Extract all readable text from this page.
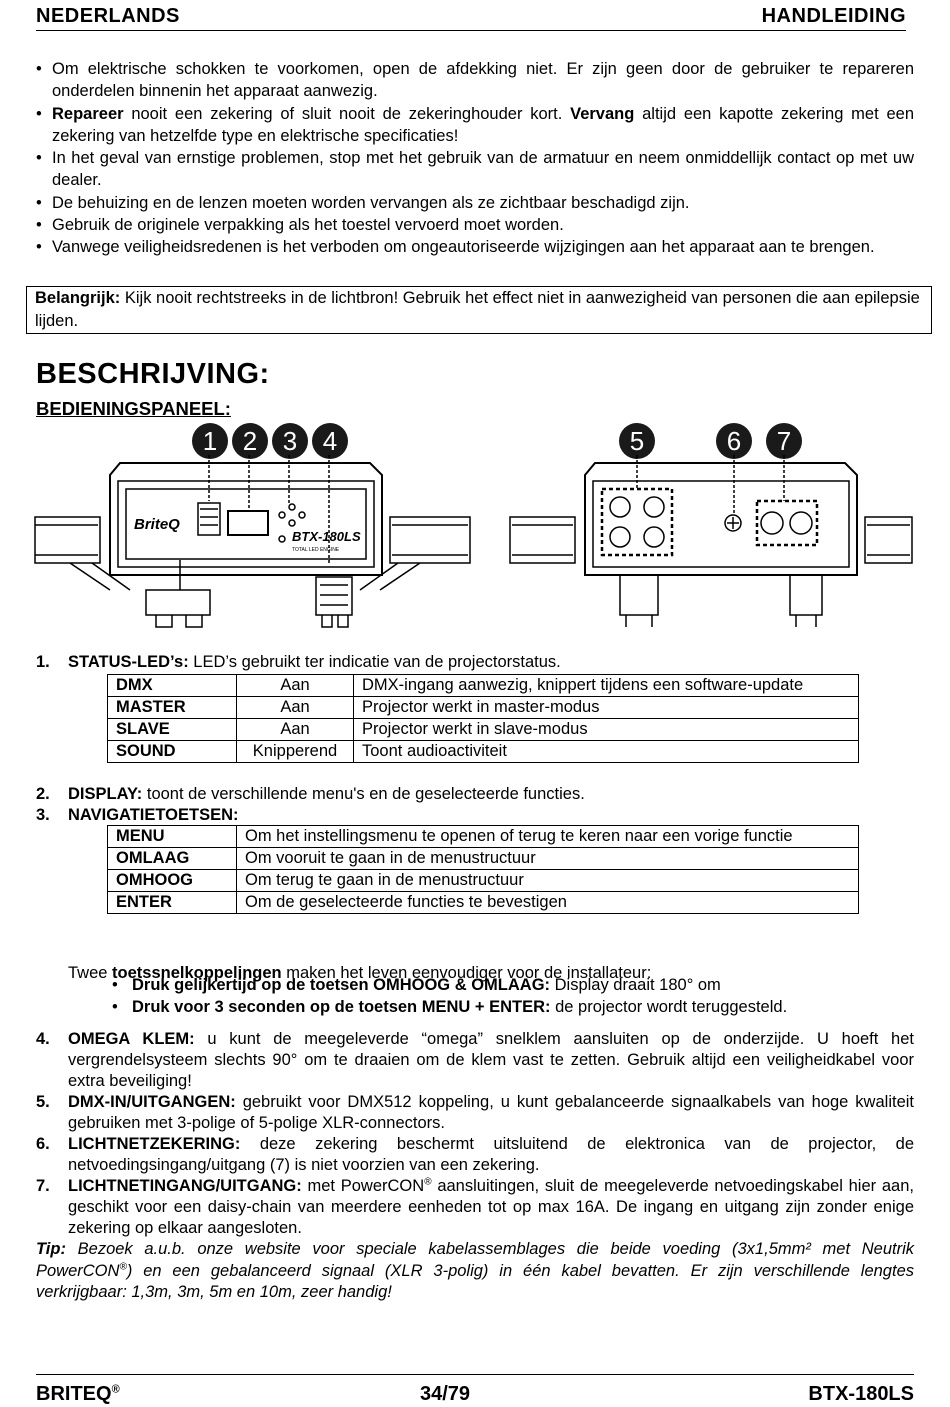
NEDERLANDS	HANDLEIDING
• Om elektrische schokken te voorkomen, open de afdekking niet. Er zijn geen door de gebruiker te repareren onderdelen binnenin het apparaat aanwezig.
• Repareer nooit een zekering of sluit nooit de zekeringhouder kort. Vervang altijd een kapotte zekering met een zekering van hetzelfde type en elektrische specificaties!
• In het geval van ernstige problemen, stop met het gebruik van de armatuur en neem onmiddellijk contact op met uw dealer.
• De behuizing en de lenzen moeten worden vervangen als ze zichtbaar beschadigd zijn.
• Gebruik de originele verpakking als het toestel vervoerd moet worden.
• Vanwege veiligheidsredenen is het verboden om ongeautoriseerde wijzigingen aan het apparaat aan te brengen.
Belangrijk: Kijk nooit rechtstreeks in de lichtbron! Gebruik het effect niet in aanwezigheid van personen die aan epilepsie lijden.
BESCHRIJVING:
BEDIENINGSPANEEL:
1 2 3 4	5	6	7
BriteQ
BTX-180LS
TOTAL LED ENGINE
1. STATUS-LED’s: LED’s gebruikt ter indicatie van de projectorstatus.
DMX	Aan	DMX-ingang aanwezig, knippert tijdens een software-update
MASTER	Aan	Projector werkt in master-modus
SLAVE	Aan	Projector werkt in slave-modus
SOUND	Knipperend	Toont audioactiviteit
2. DISPLAY: toont de verschillende menu's en de geselecteerde functies.
3. NAVIGATIETOETSEN:
MENU	Om het instellingsmenu te openen of terug te keren naar een vorige functie
OMLAAG	Om vooruit te gaan in de menustructuur
OMHOOG	Om terug te gaan in de menustructuur
ENTER	Om de geselecteerde functies te bevestigen
Twee toetssnelkoppelingen maken het leven eenvoudiger voor de installateur:
• Druk gelijkertijd op de toetsen OMHOOG & OMLAAG: Display draait 180° om
• Druk voor 3 seconden op de toetsen MENU + ENTER: de projector wordt teruggesteld.
4. OMEGA KLEM: u kunt de meegeleverde “omega” snelklem aansluiten op de onderzijde. U hoeft het vergrendelsysteem slechts 90° om te draaien om de klem vast te zetten. Gebruik altijd een veiligheidkabel voor extra beveiliging!
5. DMX-IN/UITGANGEN: gebruikt voor DMX512 koppeling, u kunt gebalanceerde signaalkabels van hoge kwaliteit gebruiken met 3-polige of 5-polige XLR-connectors.
6. LICHTNETZEKERING: deze zekering beschermt uitsluitend de elektronica van de projector, de netvoedingsingang/uitgang (7) is niet voorzien van een zekering.
7. LICHTNETINGANG/UITGANG: met PowerCON® aansluitingen, sluit de meegeleverde netvoedingskabel hier aan, geschikt voor een daisy-chain van meerdere eenheden tot op max 16A. De ingang en uitgang zijn zonder enige zekering op elkaar aangesloten.
Tip: Bezoek a.u.b. onze website voor speciale kabelassemblages die beide voeding (3x1,5mm² met Neutrik PowerCON®) en een gebalanceerd signaal (XLR 3-polig) in één kabel bevatten. Er zijn verschillende lengtes verkrijgbaar: 1,3m, 3m, 5m en 10m, zeer handig!
BRITEQ®	34/79	BTX-180LS
